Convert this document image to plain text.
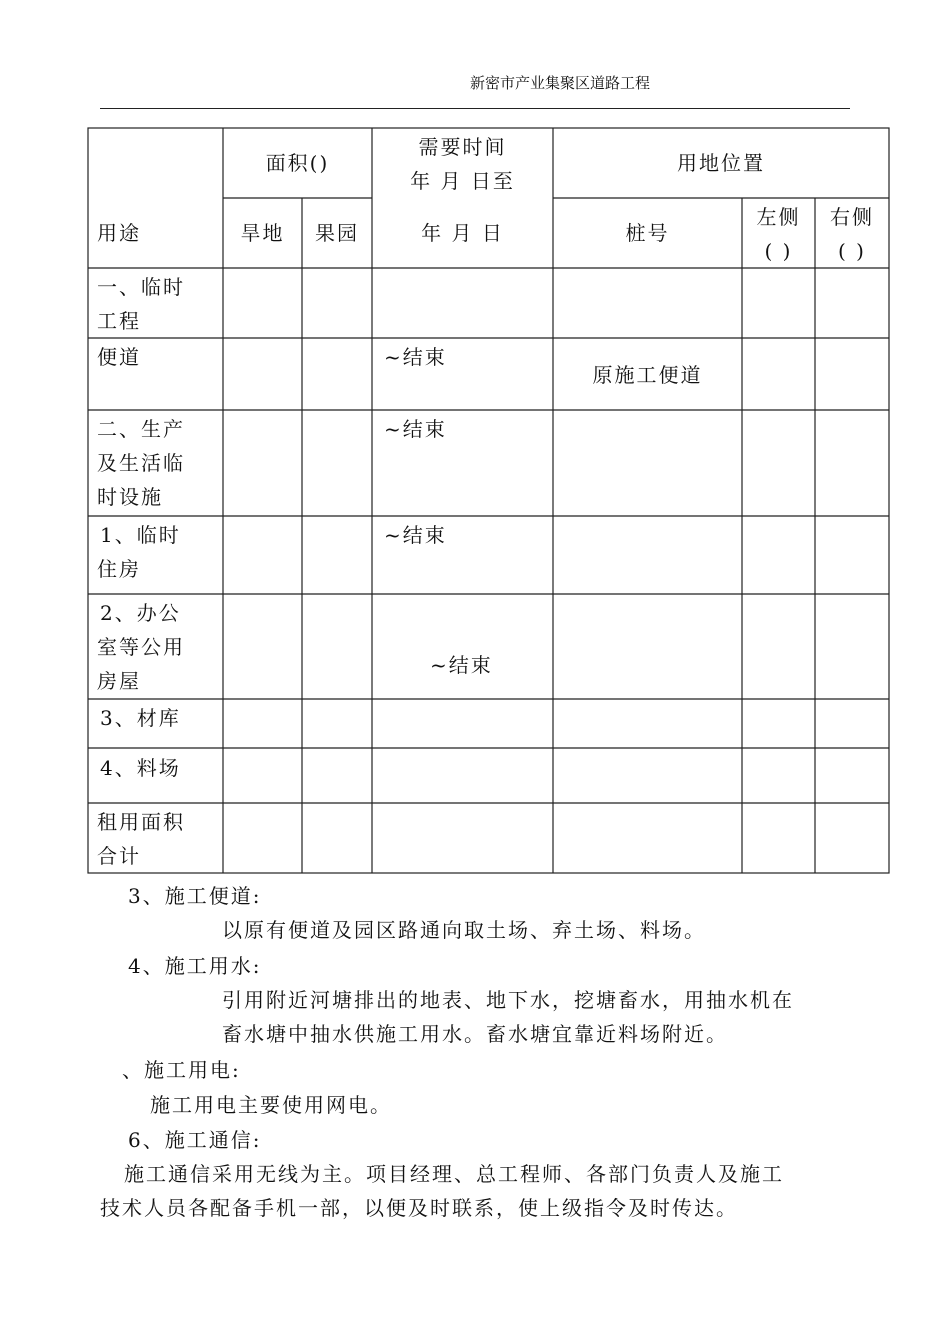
新密市产业集聚区道路工程
用途
面积()
旱地	果园
需要时间
年 月 日至
年 月 日
用地位置
桩号
左侧
( )
右侧
( )
一、临时
工程
便道	~结束
原施工便道
二、生产
及生活临
时设施
~结束
1、临时
住房
~结束
2、办公
室等公用
房屋
~结束
3、材库
4、料场
租用面积
合计
3、施工便道:
以原有便道及园区路通向取土场、弃土场、料场。
4、施工用水:
引用附近河塘排出的地表、地下水，挖塘畜水，用抽水机在
畜水塘中抽水供施工用水。畜水塘宜靠近料场附近。
、施工用电:
施工用电主要使用网电。
6、施工通信:
施工通信采用无线为主。项目经理、总工程师、各部门负责人及施工
技术人员各配备手机一部，以便及时联系，使上级指令及时传达。
